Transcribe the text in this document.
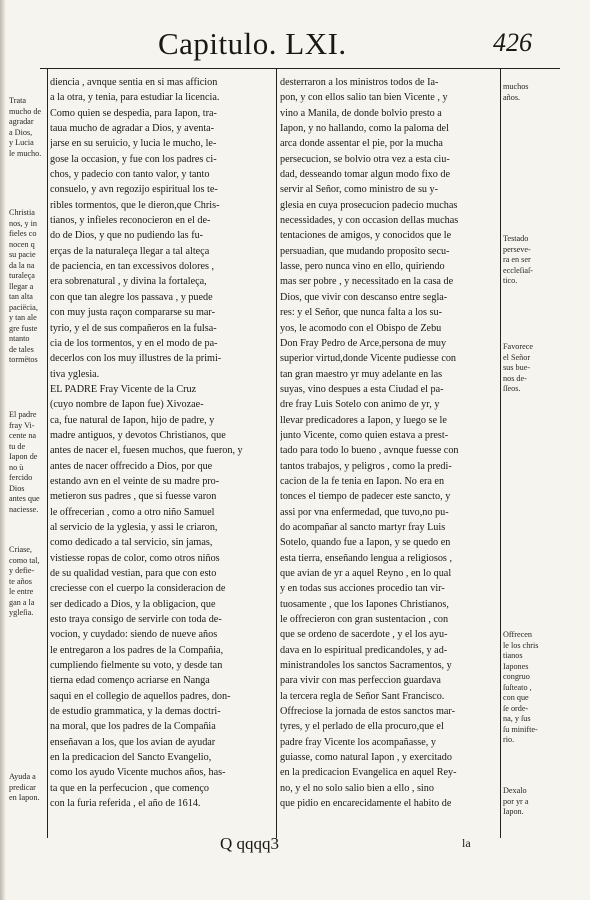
Capitulo. LXI.	426
diencia , avnque sentia en si mas afficion
a la otra, y tenia, para estudiar la licencia.
Como quien se despedia, para Iapon, tra-
taua mucho de agradar a Dios, y aventa-
jarse en su seruicio, y lucia le mucho, le-
gose la occasion, y fue con los padres ci-
chos, y padecio con tanto valor, y tanto
consuelo, y avn regozijo espiritual los te-
ribles tormentos, que le dieron,que Chris-
tianos, y infieles reconocieron en el de-
do de Dios, y que no pudiendo las fu-
erças de la naturaleça llegar a tal alteça
de paciencia, en tan excessivos dolores ,
era sobrenatural , y divina la fortaleça,
con que tan alegre los passava , y puede
con muy justa raçon compararse su mar-
tyrio, y el de sus compañeros en la fulsa-
cia de los tormentos, y en el modo de pa-
decerlos con los muy illustres de la primi-
tiva yglesia.
EL PADRE Fray Vicente de la Cruz
(cuyo nombre de Iapon fue) Xivozae-
ca, fue natural de Iapon, hijo de padre, y
madre antiguos, y devotos Christianos, que
antes de nacer el, fuesen muchos, que fueron, y
antes de nacer offrecido a Dios, por que
estando avn en el veinte de su madre pro-
metieron sus padres , que si fuesse varon
le offrecerian , como a otro niño Samuel
al servicio de la yglesia, y assi le criaron,
como dedicado a tal servicio, sin jamas,
vistiesse ropas de color, como otros niños
de su qualidad vestian, para que con esto
creciesse con el cuerpo la consideracion de
ser dedicado a Dios, y la obligacion, que
esto traya consigo de servirle con toda de-
vocion, y cuydado: siendo de nueve años
le entregaron a los padres de la Compañia,
cumpliendo fielmente su voto, y desde tan
tierna edad començo acriarse en Nanga
saqui en el collegio de aquellos padres, don-
de estudio grammatica, y la demas doctri-
na moral, que los padres de la Compañia
enseñavan a los, que los avian de ayudar
en la predicacion del Sancto Evangelio,
como los ayudo Vicente muchos años, has-
ta que en la perfecucion , que començo
con la furia referida , el año de 1614.
desterraron a los ministros todos de Ia-
pon, y con ellos salio tan bien Vicente , y
vino a Manila, de donde bolvio presto a
Iapon, y no hallando, como la paloma del
arca donde assentar el pie, por la mucha
persecucion, se bolvio otra vez a esta ciu-
dad, desseando tomar algun modo fixo de
servir al Señor, como ministro de su y-
glesia en cuya prosecucion padecio muchas
necessidades, y con occasion dellas muchas
tentaciones de amigos, y conocidos que le
persuadian, que mudando proposito secu-
lasse, pero nunca vino en ello, quiriendo
mas ser pobre , y necessitado en la casa de
Dios, que vivir con descanso entre segla-
res: y el Señor, que nunca falta a los su-
yos, le acomodo con el Obispo de Zebu
Don Fray Pedro de Arce,persona de muy
superior virtud,donde Vicente pudiesse con
tan gran maestro yr muy adelante en las
suyas, vino despues a esta Ciudad el pa-
dre fray Luis Sotelo con animo de yr, y
llevar predicadores a Iapon, y luego se le
junto Vicente, como quien estava a prest-
tado para todo lo bueno , avnque fuesse con
tantos trabajos, y peligros , como la predi-
cacion de la fe tenia en Iapon. No era en
tonces el tiempo de padecer este sancto, y
assi por vna enfermedad, que tuvo,no pu-
do acompañar al sancto martyr fray Luis
Sotelo, quando fue a Iapon, y se quedo en
esta tierra, enseñando lengua a religiosos ,
que avian de yr a aquel Reyno , en lo qual
y en todas sus acciones procedio tan vir-
tuosamente , que los Iapones Christianos,
le offrecieron con gran sustentacion , con
que se ordeno de sacerdote , y el los ayu-
dava en lo espiritual predicandoles, y ad-
ministrandoles los sanctos Sacramentos, y
para vivir con mas perfeccion guardava
la tercera regla de Señor Sant Francisco.
Offreciose la jornada de estos sanctos mar-
tyres, y el perlado de ella procuro,que el
padre fray Vicente los acompañasse, y
guiasse, como natural Iapon , y exercitado
en la predicacion Evangelica en aquel Rey-
no, y el no solo salio bien a ello , sino
que pidio en encarecidamente el habito de
Trata
mucho de
agradar
a Dios,
y Lucia
le mucho.
Christia
nos, y in
fieles co
nocen q
su pacie
da la na
turaleça
llegar a
tan alta
paciëcia,
y tan ale
gre fuste
ntanto
de tales
tormëtos
El padre
fray Vi-
cente na
tu de
Iapon de
no ù
fercido
Dios
antes que
naciesse.
Criase,
como tal,
y defie-
te años
le entre
gan a la
ygleſia.
Ayuda a
predicar
en Iapon.
muchos
años.
Testado
perseve-
ra en ser
eccleſiaſ-
tico.
Favorece
el Señor
sus bue-
nos de-
ſſeos.
Offrecen
le los chris
tianos
Iapones
congruo
ſuſteato ,
con que
ſe orde-
na, y ſus
ſu minifte-
rio.
Dexalo
por yr a
Iapon.
Q qqqq3	la
